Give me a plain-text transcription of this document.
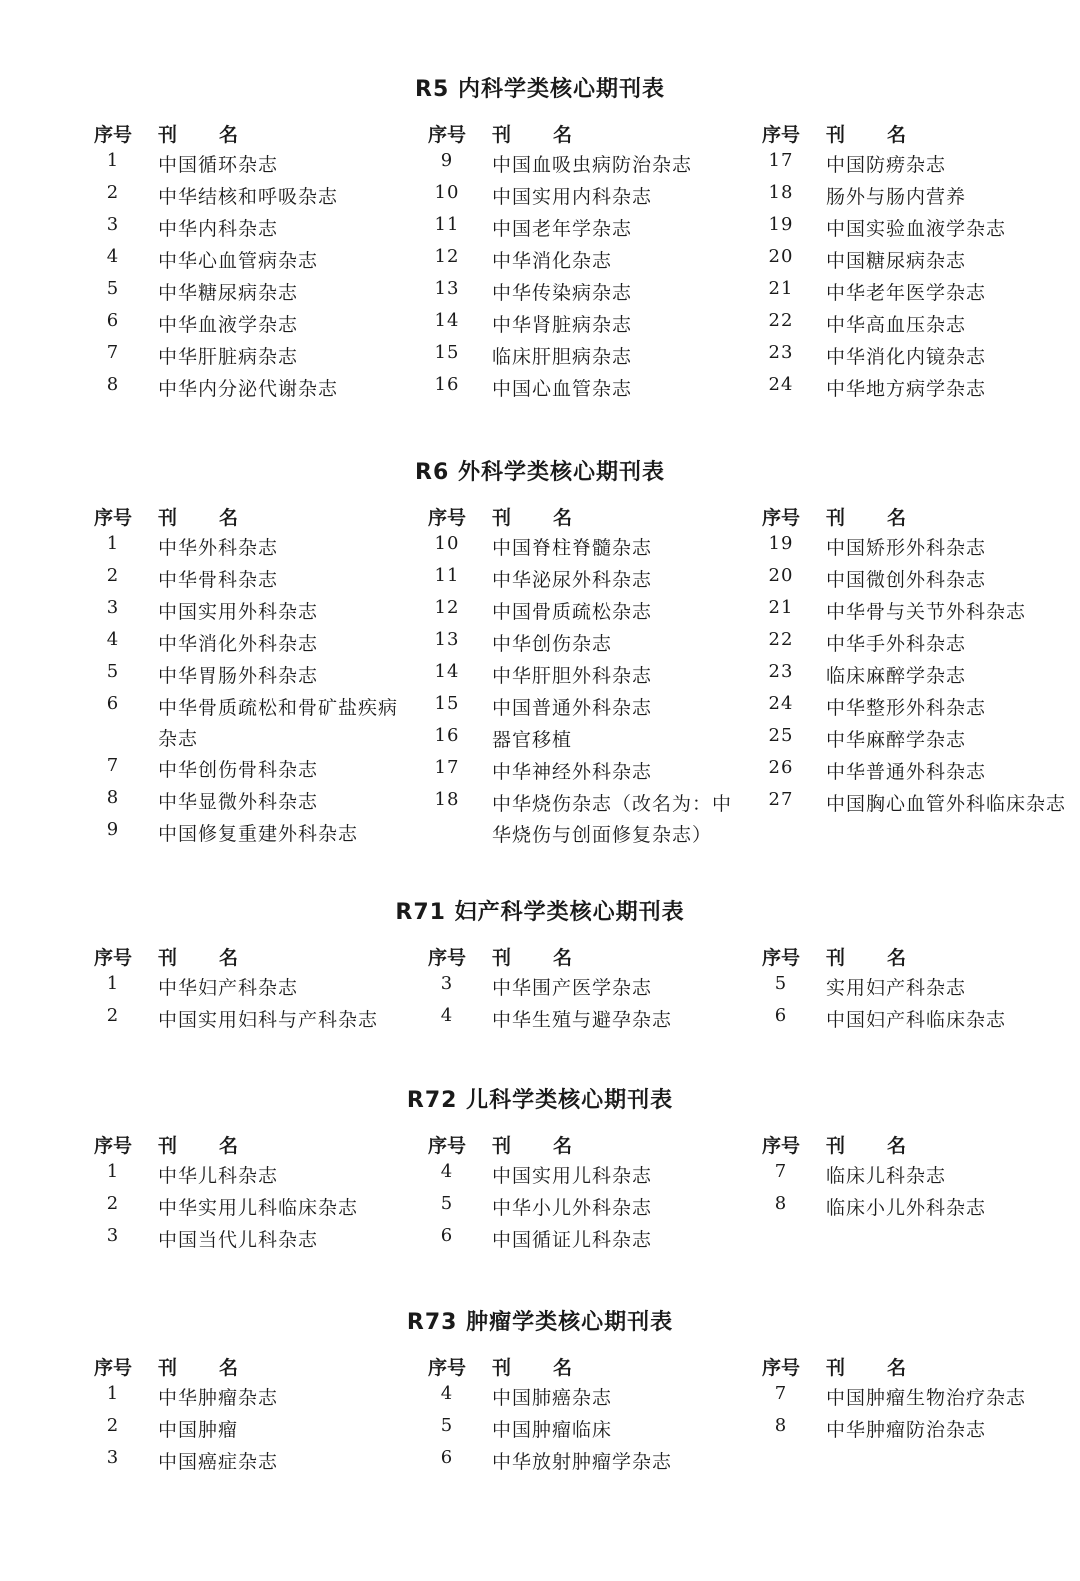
R5 内科学类核心期刊表
序号 刊名
1	中国循环杂志
2	中华结核和呼吸杂志
3	中华内科杂志
4	中华心血管病杂志
5	中华糖尿病杂志
6	中华血液学杂志
7	中华肝脏病杂志
8	中华内分泌代谢杂志
序号 刊名
9	中国血吸虫病防治杂志
10	中国实用内科杂志
11	中国老年学杂志
12	中华消化杂志
13	中华传染病杂志
14	中华肾脏病杂志
15	临床肝胆病杂志
16	中国心血管杂志
序号 刊名
17	中国防痨杂志
18	肠外与肠内营养
19	中国实验血液学杂志
20	中国糖尿病杂志
21	中华老年医学杂志
22	中华高血压杂志
23	中华消化内镜杂志
24	中华地方病学杂志
R6 外科学类核心期刊表
序号 刊名
1	中华外科杂志
2	中华骨科杂志
3	中国实用外科杂志
4	中华消化外科杂志
5	中华胃肠外科杂志
6	中华骨质疏松和骨矿盐疾病杂志
7	中华创伤骨科杂志
8	中华显微外科杂志
9	中国修复重建外科杂志
序号 刊名
10	中国脊柱脊髓杂志
11	中华泌尿外科杂志
12	中国骨质疏松杂志
13	中华创伤杂志
14	中华肝胆外科杂志
15	中国普通外科杂志
16	器官移植
17	中华神经外科杂志
18	中华烧伤杂志（改名为：中华烧伤与创面修复杂志）
序号 刊名
19	中国矫形外科杂志
20	中国微创外科杂志
21	中华骨与关节外科杂志
22	中华手外科杂志
23	临床麻醉学杂志
24	中华整形外科杂志
25	中华麻醉学杂志
26	中华普通外科杂志
27	中国胸心血管外科临床杂志
R71 妇产科学类核心期刊表
序号 刊名
1	中华妇产科杂志
2	中国实用妇科与产科杂志
序号 刊名
3	中华围产医学杂志
4	中华生殖与避孕杂志
序号 刊名
5	实用妇产科杂志
6	中国妇产科临床杂志
R72 儿科学类核心期刊表
序号 刊名
1	中华儿科杂志
2	中华实用儿科临床杂志
3	中国当代儿科杂志
序号 刊名
4	中国实用儿科杂志
5	中华小儿外科杂志
6	中国循证儿科杂志
序号 刊名
7	临床儿科杂志
8	临床小儿外科杂志
R73 肿瘤学类核心期刊表
序号 刊名
1	中华肿瘤杂志
2	中国肿瘤
3	中国癌症杂志
序号 刊名
4	中国肺癌杂志
5	中国肿瘤临床
6	中华放射肿瘤学杂志
序号 刊名
7	中国肿瘤生物治疗杂志
8	中华肿瘤防治杂志
